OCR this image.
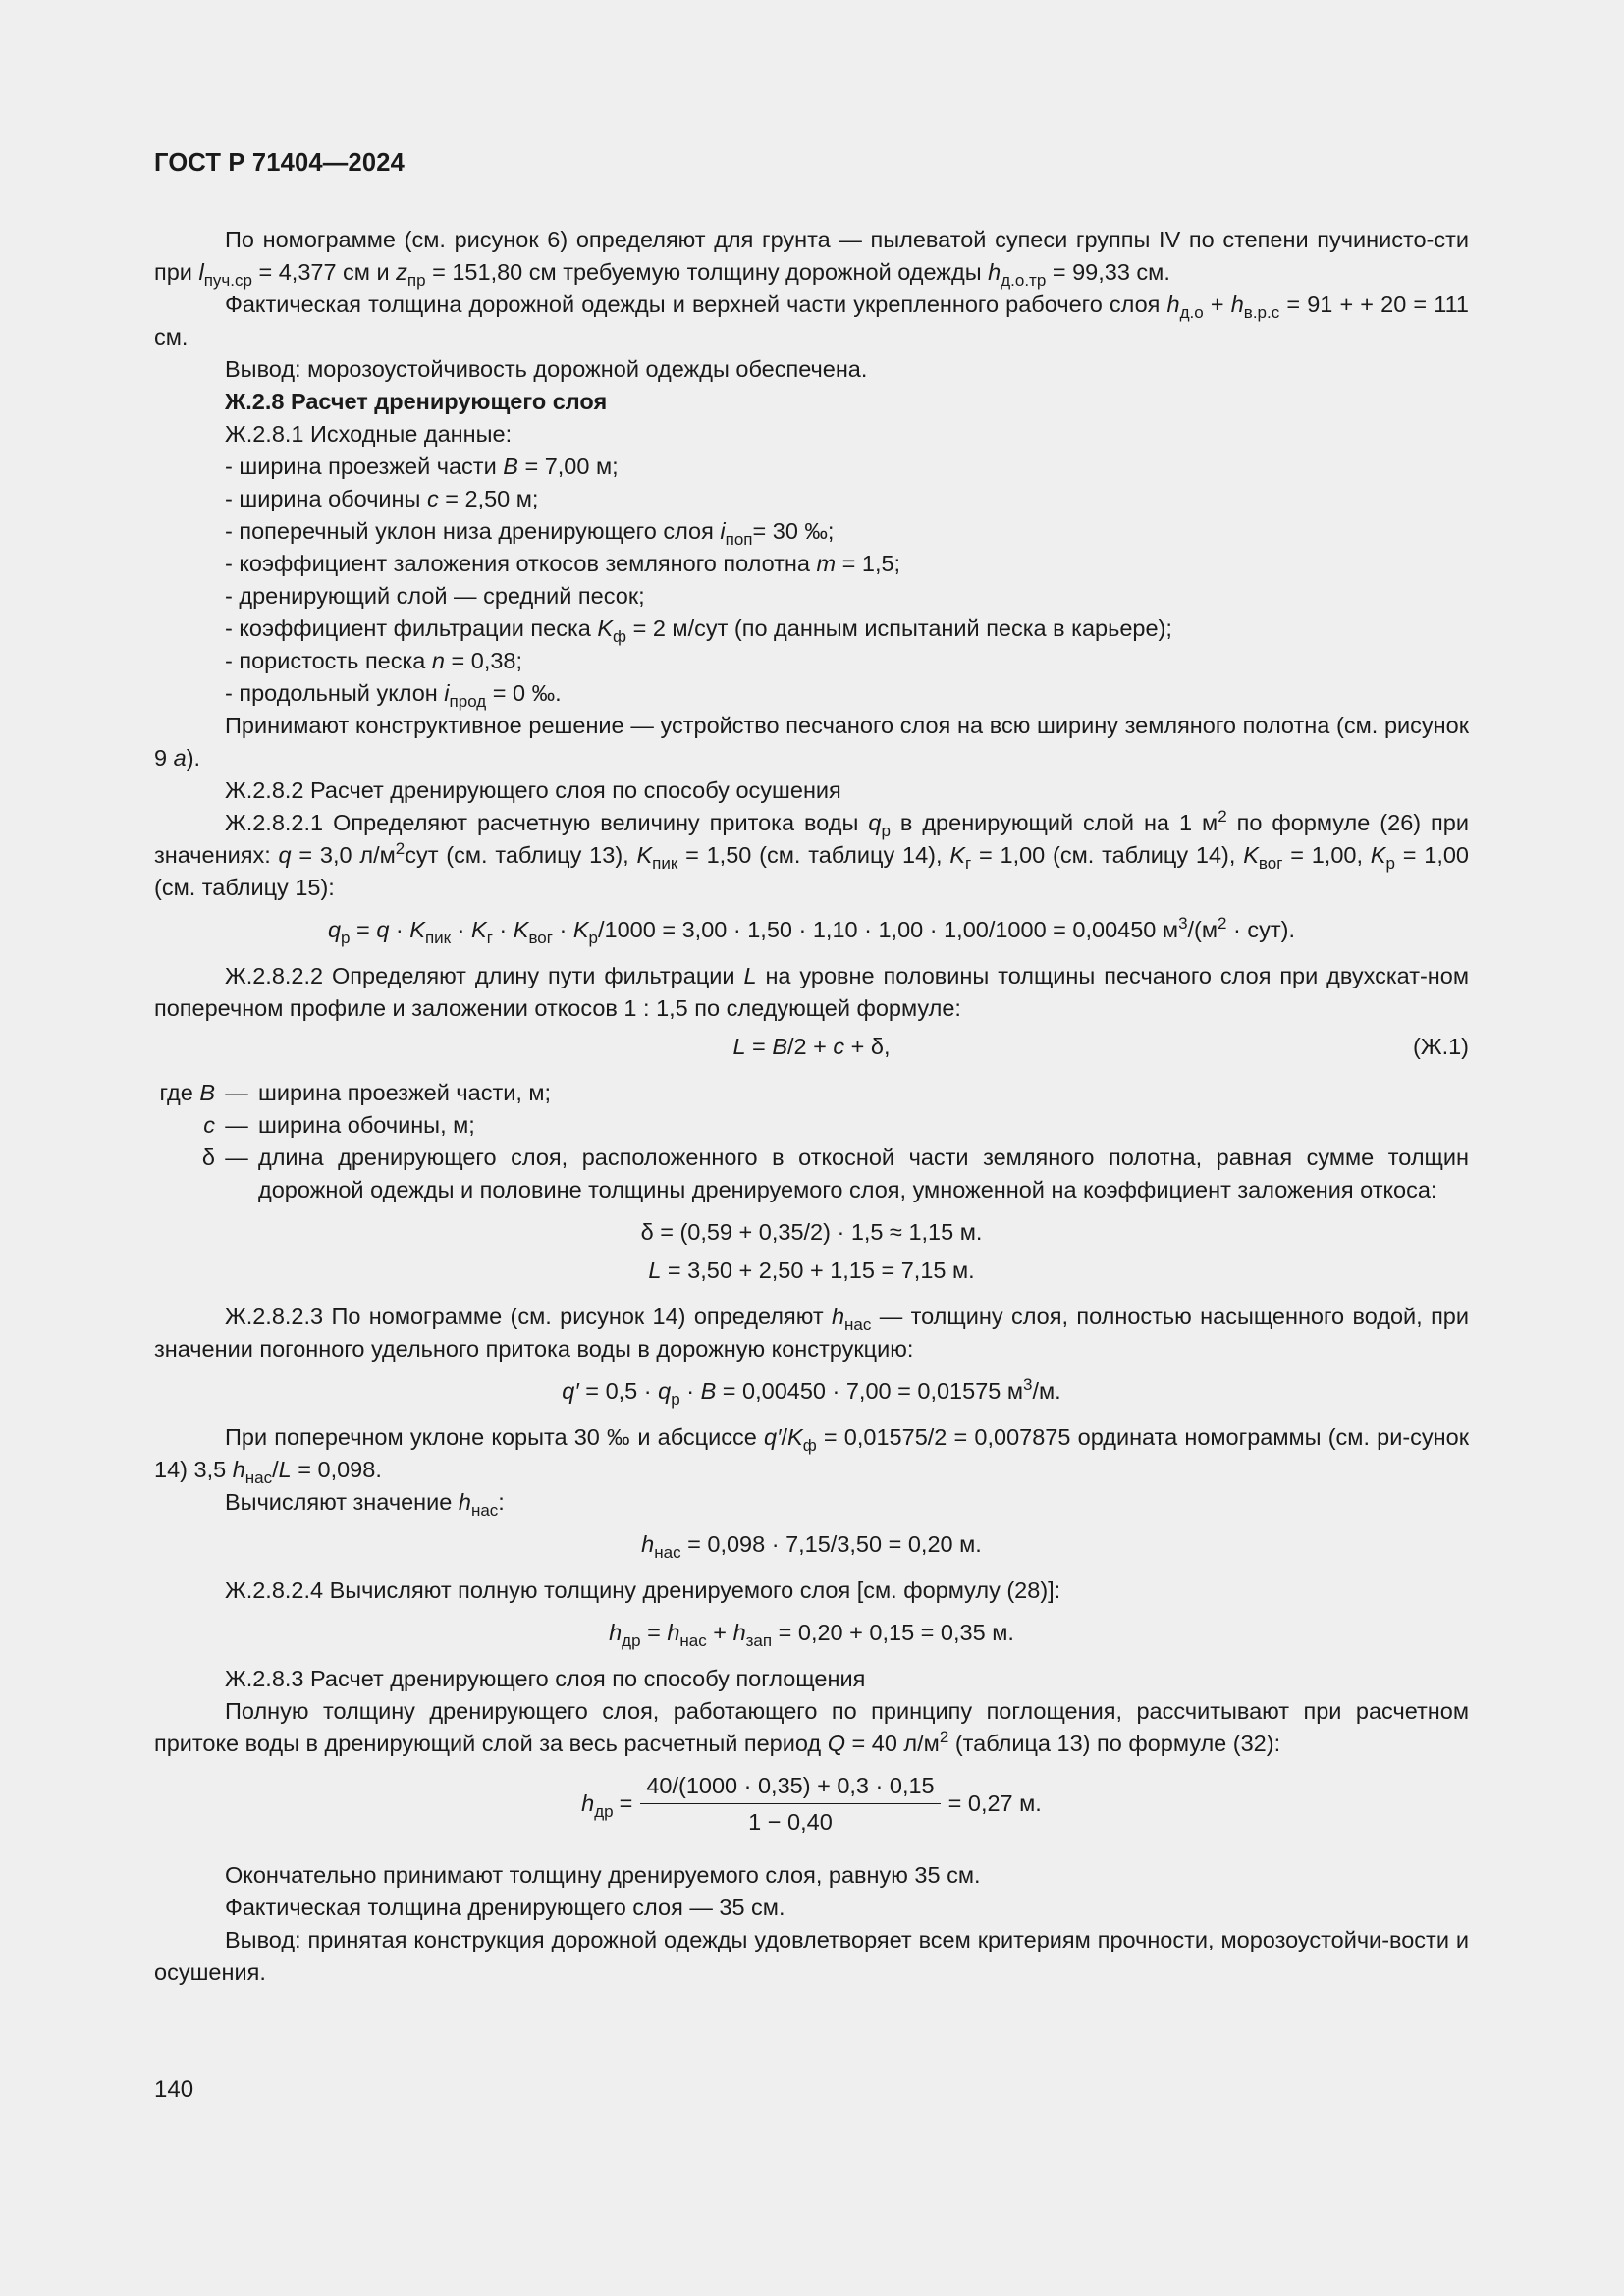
ГОСТ Р 71404—2024

По номограмме (см. рисунок 6) определяют для грунта — пылеватой супеси группы IV по степени пучинисто-сти при $l_{пуч.ср} = 4,377$ см и $z_{пр} = 151,80$ см требуемую толщину дорожной одежды $h_{д.о.тр} = 99,33$ см.

Фактическая толщина дорожной одежды и верхней части укрепленного рабочего слоя $h_{д.о} + h_{в.р.с} = 91$ + + 20 = 111 см.

Вывод: морозоустойчивость дорожной одежды обеспечена.

Ж.2.8 Расчет дренирующего слоя

Ж.2.8.1 Исходные данные:

- ширина проезжей части B = 7,00 м;

- ширина обочины c = 2,50 м;

- поперечный уклон низа дренирующего слоя $i_{поп}= 30$ ‰;

- коэффициент заложения откосов земляного полотна m = 1,5;

- дренирующий слой — средний песок;

- коэффициент фильтрации песка $K_ф = 2$ м/сут (по данным испытаний песка в карьере);

- пористость песка n = 0,38;

- продольный уклон $i_{прод} = 0$ ‰.

Принимают конструктивное решение — устройство песчаного слоя на всю ширину земляного полотна (см. рисунок 9 а).

Ж.2.8.2 Расчет дренирующего слоя по способу осушения

Ж.2.8.2.1 Определяют расчетную величину притока воды $q_р$ в дренирующий слой на 1 $м^2$ по формуле (26) при значениях: q = 3,0 $л/м^2сут$ (см. таблицу 13), $K_{пик} = 1,50$ (см. таблицу 14), $K_г = 1,00$ (см. таблицу 14), $K_{вог} = 1,00$, $K_р = 1,00$ (см. таблицу 15):

$q_р = q \cdot K_{пик} \cdot K_г \cdot K_{вог} \cdot K_р/1000 = 3,00 \cdot 1,50 \cdot 1,10 \cdot 1,00 \cdot 1,00/1000 = 0,00450$ $м^3/(м^2 \cdot сут)$.

Ж.2.8.2.2 Определяют длину пути фильтрации L на уровне половины толщины песчаного слоя при двухскат-ном поперечном профиле и заложении откосов 1 : 1,5 по следующей формуле:

L = B/2 + c + δ,	(Ж.1)
где B	—	ширина проезжей части, м;
c	—	ширина обочины, м;
δ	—	длина дренирующего слоя, расположенного в откосной части земляного полотна, равная сумме толщин дорожной одежды и половине толщины дренируемого слоя, умноженной на коэффициент заложения откоса:

δ = (0,59 + 0,35/2) · 1,5 ≈ 1,15 м.

L = 3,50 + 2,50 + 1,15 = 7,15 м.

Ж.2.8.2.3 По номограмме (см. рисунок 14) определяют $h_{нас}$ — толщину слоя, полностью насыщенного водой, при значении погонного удельного притока воды в дорожную конструкцию:

$q' = 0,5 \cdot q_р \cdot B = 0,00450 \cdot 7,00 = 0,01575$ $м^3/м$.

При поперечном уклоне корыта 30 ‰ и абсциссе $q'/K_ф = 0,01575/2 = 0,007875$ ордината номограммы (см. ри-сунок 14) 3,5 $h_{нас}/L = 0,098$.

Вычисляют значение $h_{нас}$:

$h_{нас} = 0,098 \cdot 7,15/3,50 = 0,20$ м.

Ж.2.8.2.4 Вычисляют полную толщину дренируемого слоя [см. формулу (28)]:

$h_{др} = h_{нас} + h_{зап} = 0,20 + 0,15 = 0,35$ м.

Ж.2.8.3 Расчет дренирующего слоя по способу поглощения

Полную толщину дренирующего слоя, работающего по принципу поглощения, рассчитывают при расчетном притоке воды в дренирующий слой за весь расчетный период Q = 40 $л/м^2$ (таблица 13) по формуле (32):

$h_{др} = \frac{40/(1000 \cdot 0,35) + 0,3 \cdot 0,15}{1 - 0,40} = 0,27$ м.

Окончательно принимают толщину дренируемого слоя, равную 35 см.

Фактическая толщина дренирующего слоя — 35 см.

Вывод: принятая конструкция дорожной одежды удовлетворяет всем критериям прочности, морозоустойчи-вости и осушения.

140
